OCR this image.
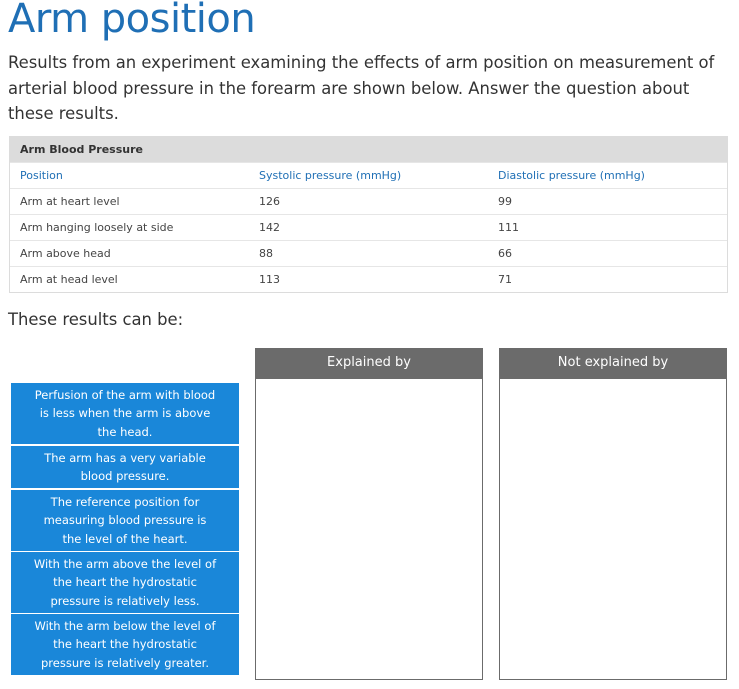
Arm position
Results from an experiment examining the effects of arm position on measurement of arterial blood pressure in the forearm are shown below. Answer the question about these results.
Arm Blood Pressure
Position	Systolic pressure (mmHg)	Diastolic pressure (mmHg)
Arm at heart level	126	99
Arm hanging loosely at side	142	111
Arm above head	88	66
Arm at head level	113	71
These results can be:
Explained by	Not explained by
Perfusion of the arm with blood is less when the arm is above the head.
The arm has a very variable blood pressure.
The reference position for measuring blood pressure is the level of the heart.
With the arm above the level of the heart the hydrostatic pressure is relatively less.
With the arm below the level of the heart the hydrostatic pressure is relatively greater.
